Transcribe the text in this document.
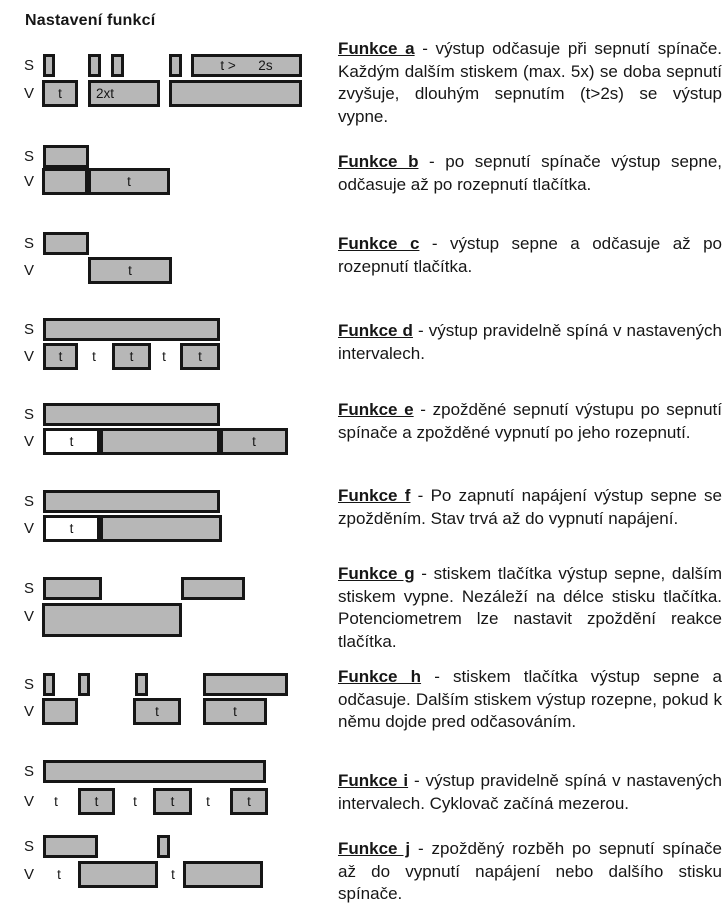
Nastavení funkcí
S
V
t >      2s
t	2xt

Funkce a - výstup odčasuje při sepnutí spínače. Každým dalším stiskem (max. 5x) se doba sepnutí zvyšuje, dlouhým sepnutím (t>2s) se výstup vypne.

S
V	t

Funkce b - po sepnutí spínače výstup sepne, odčasuje až po rozepnutí tlačítka.

S
V	t

Funkce c - výstup sepne a odčasuje až po rozepnutí tlačítka.

S
V	t t t t t

Funkce d - výstup pravidelně spíná v nastavených intervalech.

S
V	t	t

Funkce e - zpožděné sepnutí výstupu po sepnutí spínače a zpožděné vypnutí po jeho rozepnutí.

S
V	t

Funkce f - Po zapnutí napájení výstup sepne se zpožděním. Stav trvá až do vypnutí napájení.

S
V

Funkce g - stiskem tlačítka výstup sepne, dalším stiskem vypne. Nezáleží na délce stisku tlačítka. Potenciometrem lze nastavit zpoždění reakce tlačítka.

S
V	t	t

Funkce h - stiskem tlačítka výstup sepne a odčasuje. Dalším stiskem výstup rozepne, pokud k němu dojde pred odčasováním.

S
V	t	t	t t t	t

Funkce i - výstup pravidelně spíná v nastavených intervalech. Cyklovač začíná mezerou.

S
V	t	t

Funkce j - zpožděný rozběh po sepnutí spínače až do vypnutí napájení nebo dalšího stisku spínače.
